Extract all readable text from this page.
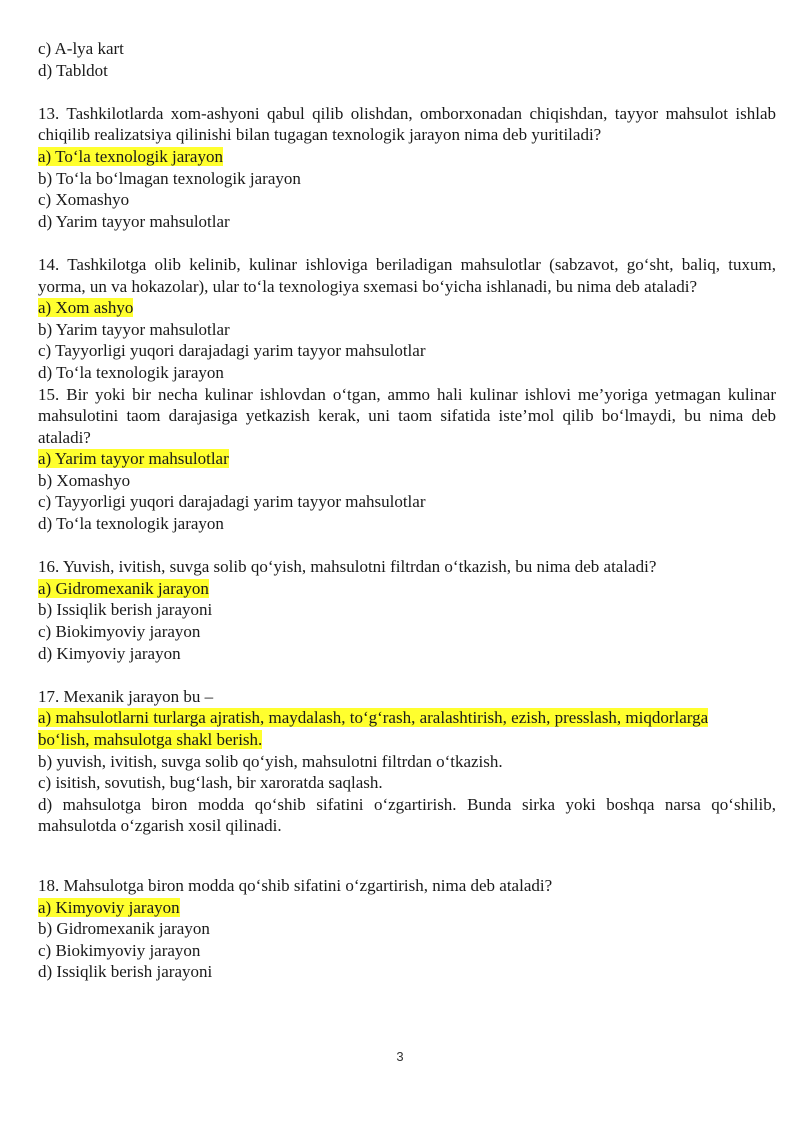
c) A-lya kart
d) Tabldot
13. Tashkilotlarda xom-ashyoni qabul qilib olishdan, omborxonadan chiqishdan, tayyor mahsulot ishlab chiqilib realizatsiya qilinishi bilan tugagan texnologik jarayon nima deb yuritiladi?
a) To‘la texnologik jarayon
b) To‘la bo‘lmagan texnologik jarayon
c) Xomashyo
d) Yarim tayyor mahsulotlar
14. Tashkilotga olib kelinib, kulinar ishloviga beriladigan mahsulotlar (sabzavot, go‘sht, baliq, tuxum, yorma, un va hokazolar), ular to‘la texnologiya sxemasi bo‘yicha ishlanadi, bu nima deb ataladi?
a) Xom ashyo
b) Yarim tayyor mahsulotlar
c) Tayyorligi yuqori darajadagi yarim tayyor mahsulotlar
d) To‘la texnologik jarayon
15. Bir yoki bir necha kulinar ishlovdan o‘tgan, ammo hali kulinar ishlovi me’yoriga yetmagan kulinar mahsulotini taom darajasiga yetkazish kerak, uni taom sifatida iste’mol qilib bo‘lmaydi, bu nima deb ataladi?
a) Yarim tayyor mahsulotlar
b) Xomashyo
c) Tayyorligi yuqori darajadagi yarim tayyor mahsulotlar
d) To‘la texnologik jarayon
16. Yuvish, ivitish, suvga solib qo‘yish, mahsulotni filtrdan o‘tkazish, bu nima deb ataladi?
a) Gidromexanik jarayon
b) Issiqlik berish jarayoni
c) Biokimyoviy jarayon
d) Kimyoviy jarayon
17. Mexanik jarayon bu –
a) mahsulotlarni turlarga ajratish, maydalash, to‘g‘rash, aralashtirish, ezish, presslash, miqdorlarga
bo‘lish, mahsulotga shakl berish.
b) yuvish, ivitish, suvga solib qo‘yish, mahsulotni filtrdan o‘tkazish.
c) isitish, sovutish, bug‘lash, bir xaroratda saqlash.
d) mahsulotga biron modda qo‘shib sifatini o‘zgartirish. Bunda sirka yoki boshqa narsa qo‘shilib, mahsulotda o‘zgarish xosil qilinadi.
18. Mahsulotga biron modda qo‘shib sifatini o‘zgartirish, nima deb ataladi?
a) Kimyoviy jarayon
b) Gidromexanik jarayon
c) Biokimyoviy jarayon
d) Issiqlik berish jarayoni
3
